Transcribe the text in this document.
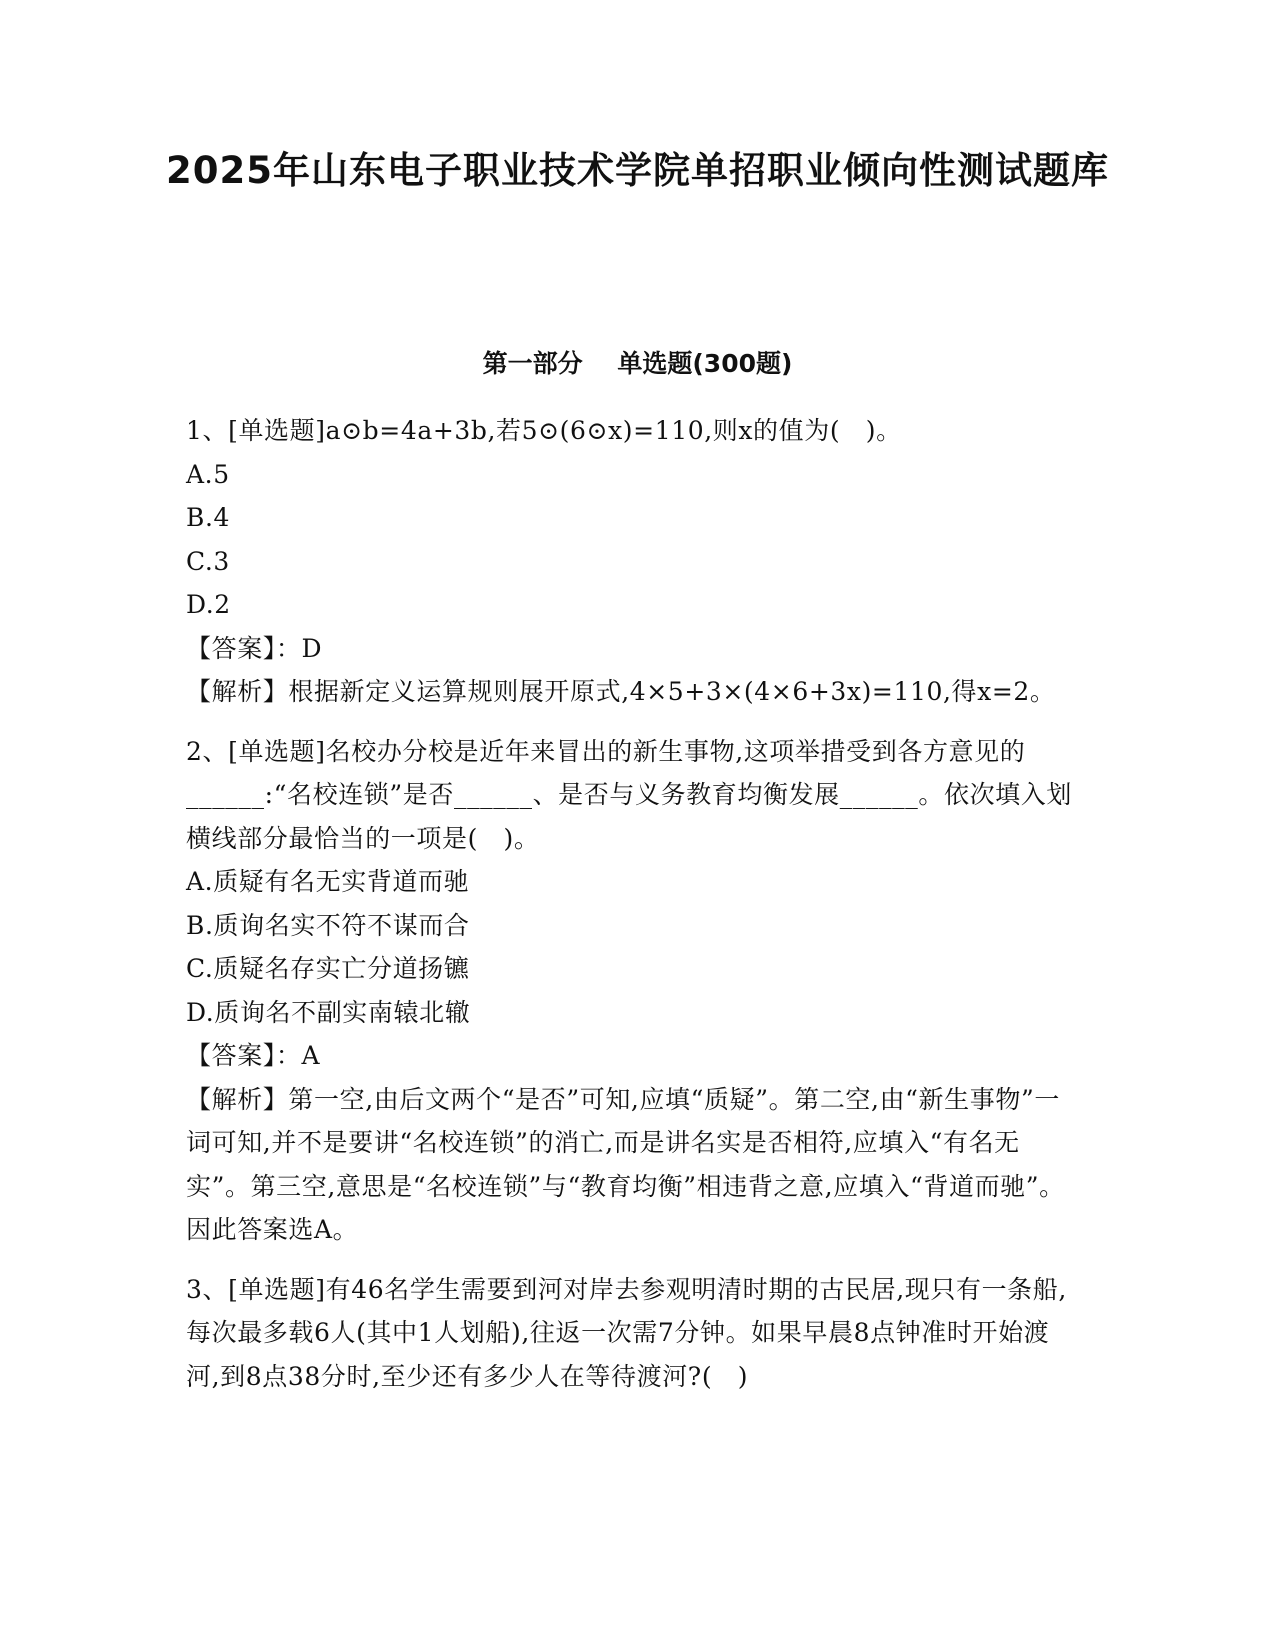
2025年山东电子职业技术学院单招职业倾向性测试题库
第一部分    单选题(300题)

1、[单选题]a⊙b=4a+3b,若5⊙(6⊙x)=110,则x的值为(　)。

A.5
B.4
C.3
D.2

【答案】：D

【解析】根据新定义运算规则展开原式,4×5+3×(4×6+3x)=110,得x=2。

2、[单选题]名校办分校是近年来冒出的新生事物,这项举措受到各方意见的______:“名校连锁”是否______、是否与义务教育均衡发展______。依次填入划横线部分最恰当的一项是(　)。

A.质疑有名无实背道而驰
B.质询名实不符不谋而合
C.质疑名存实亡分道扬镳
D.质询名不副实南辕北辙

【答案】：A

【解析】第一空,由后文两个“是否”可知,应填“质疑”。第二空,由“新生事物”一词可知,并不是要讲“名校连锁”的消亡,而是讲名实是否相符,应填入“有名无实”。第三空,意思是“名校连锁”与“教育均衡”相违背之意,应填入“背道而驰”。因此答案选A。

3、[单选题]有46名学生需要到河对岸去参观明清时期的古民居,现只有一条船,每次最多载6人(其中1人划船),往返一次需7分钟。如果早晨8点钟准时开始渡河,到8点38分时,至少还有多少人在等待渡河?(　)
